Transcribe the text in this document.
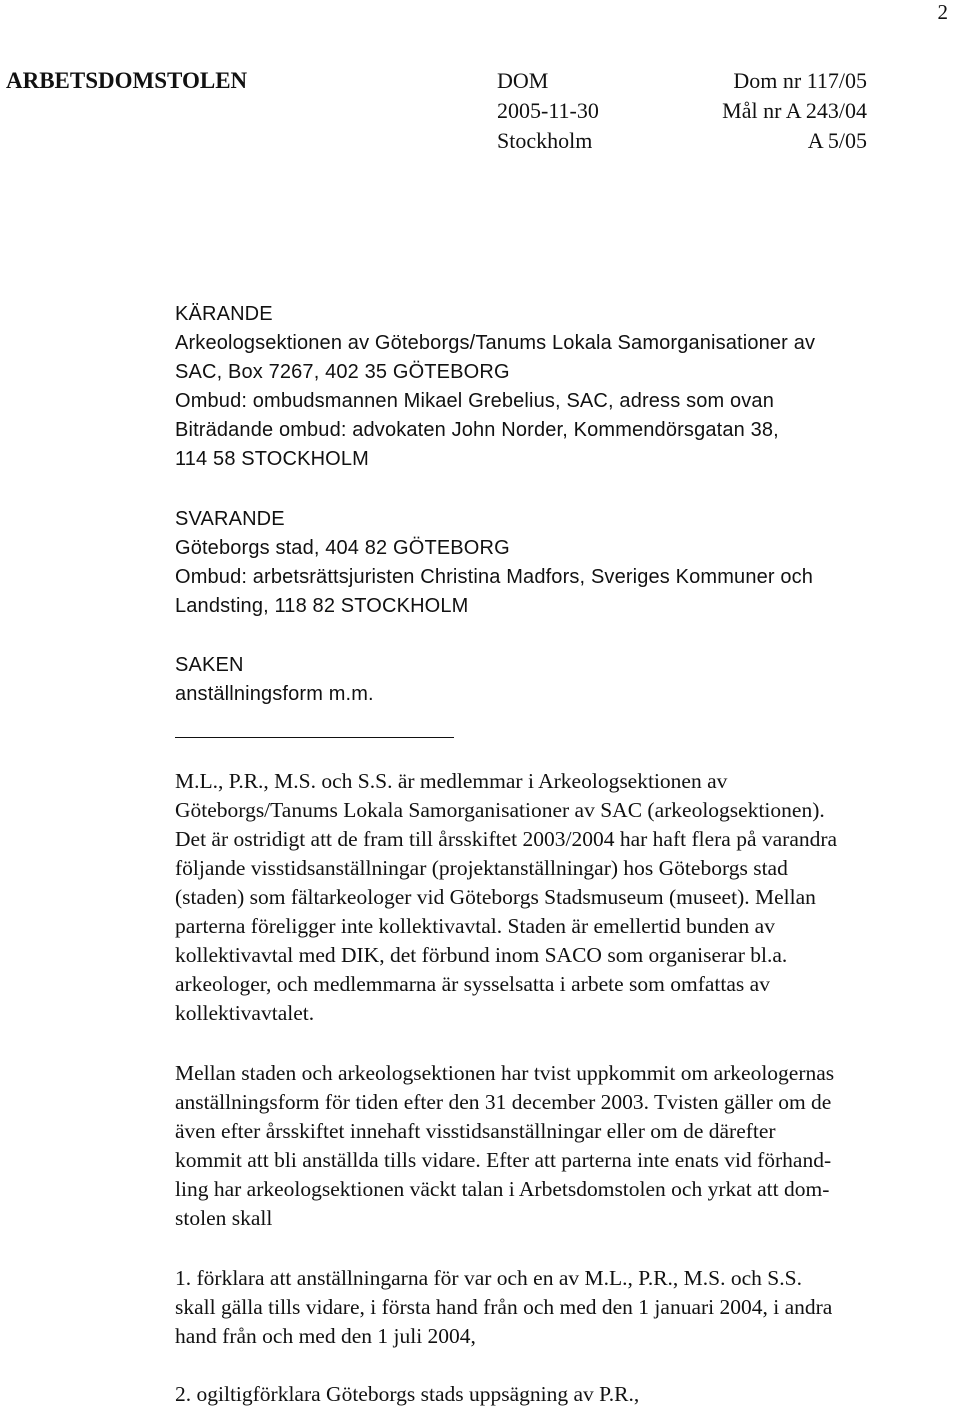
2
ARBETSDOMSTOLEN	DOM
2005-11-30
Stockholm
Dom nr 117/05
Mål nr A 243/04
A 5/05
KÄRANDE
Arkeologsektionen av Göteborgs/Tanums Lokala Samorganisationer av
SAC, Box 7267, 402 35 GÖTEBORG
Ombud: ombudsmannen Mikael Grebelius, SAC, adress som ovan
Biträdande ombud: advokaten John Norder, Kommendörsgatan 38,
114 58 STOCKHOLM
SVARANDE
Göteborgs stad, 404 82 GÖTEBORG
Ombud: arbetsrättsjuristen Christina Madfors, Sveriges Kommuner och
Landsting, 118 82 STOCKHOLM
SAKEN
anställningsform m.m.
M.L., P.R., M.S. och S.S. är medlemmar i Arkeologsektionen av
Göteborgs/Tanums Lokala Samorganisationer av SAC (arkeologsektionen).
Det är ostridigt att de fram till årsskiftet 2003/2004 har haft flera på varandra
följande visstidsanställningar (projektanställningar) hos Göteborgs stad
(staden) som fältarkeologer vid Göteborgs Stadsmuseum (museet). Mellan
parterna föreligger inte kollektivavtal. Staden är emellertid bunden av
kollektivavtal med DIK, det förbund inom SACO som organiserar bl.a.
arkeologer, och medlemmarna är sysselsatta i arbete som omfattas av
kollektivavtalet.
Mellan staden och arkeologsektionen har tvist uppkommit om arkeologernas
anställningsform för tiden efter den 31 december 2003. Tvisten gäller om de
även efter årsskiftet innehaft visstidsanställningar eller om de därefter
kommit att bli anställda tills vidare. Efter att parterna inte enats vid förhand-
ling har arkeologsektionen väckt talan i Arbetsdomstolen och yrkat att dom-
stolen skall
1. förklara att anställningarna för var och en av M.L., P.R., M.S. och S.S.
skall gälla tills vidare, i första hand från och med den 1 januari 2004, i andra
hand från och med den 1 juli 2004,
2. ogiltigförklara Göteborgs stads uppsägning av P.R.,
